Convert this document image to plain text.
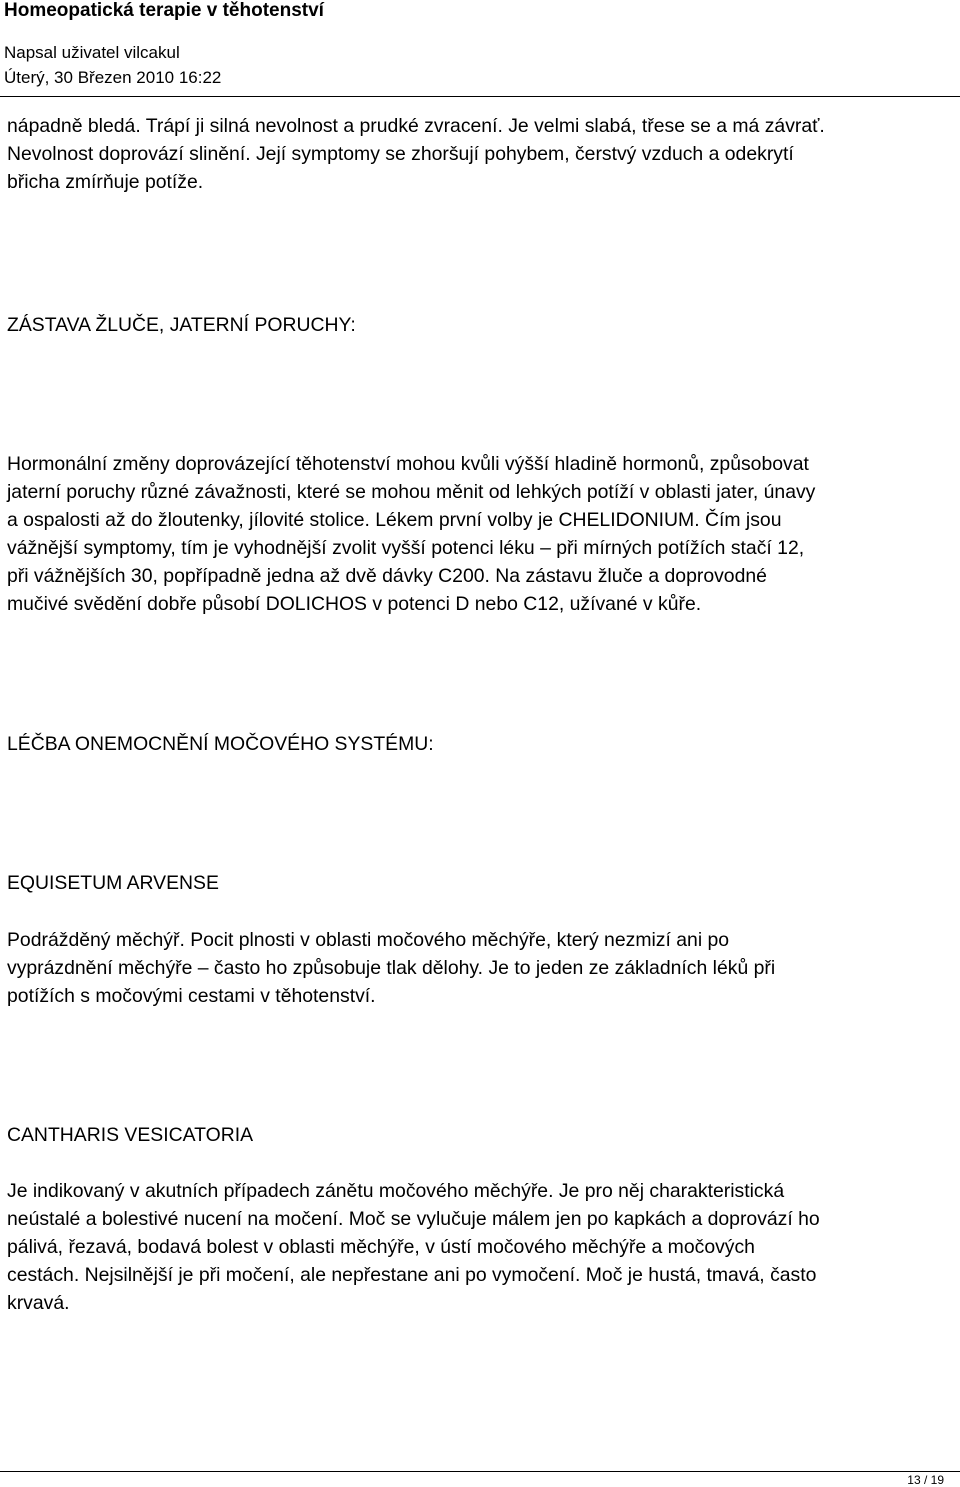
Homeopatická terapie v těhotenství
Napsal uživatel vilcakul
Úterý, 30 Březen 2010 16:22
nápadně bledá. Trápí ji silná nevolnost a prudké zvracení. Je velmi slabá, třese se a má závrať.
Nevolnost doprovází slinění. Její symptomy se zhoršují pohybem, čerstvý vzduch a odekrytí
břicha zmírňuje potíže.
ZÁSTAVA ŽLUČE, JATERNÍ PORUCHY:
Hormonální změny doprovázející těhotenství mohou kvůli výšší hladině hormonů, způsobovat
jaterní poruchy různé závažnosti, které se mohou měnit od lehkých potíží v oblasti jater, únavy
a ospalosti až do žloutenky, jílovité stolice. Lékem první volby je CHELIDONIUM. Čím jsou
vážnější symptomy, tím je vyhodnější zvolit vyšší potenci léku – při mírných potížích stačí 12,
při vážnějších 30, popřípadně jedna až dvě dávky C200. Na zástavu žluče a doprovodné
mučivé svědění dobře působí DOLICHOS v potenci D nebo C12, užívané v kůře.
LÉČBA ONEMOCNĚNÍ MOČOVÉHO SYSTÉMU:
EQUISETUM ARVENSE
Podrážděný měchýř. Pocit plnosti v oblasti močového měchýře, který nezmizí ani po
vyprázdnění měchýře – často ho způsobuje tlak dělohy. Je to jeden ze základních léků při
potížích s močovými cestami v těhotenství.
CANTHARIS VESICATORIA
Je indikovaný v akutních případech zánětu močového měchýře. Je pro něj charakteristická
neústalé a bolestivé nucení na močení. Moč se vylučuje málem jen po kapkách a doprovází ho
pálivá, řezavá, bodavá bolest v oblasti měchýře, v ústí močového měchýře a močových
cestách. Nejsilnější je při močení, ale nepřestane ani po vymočení. Moč je hustá, tmavá, často
krvavá.
13 / 19
